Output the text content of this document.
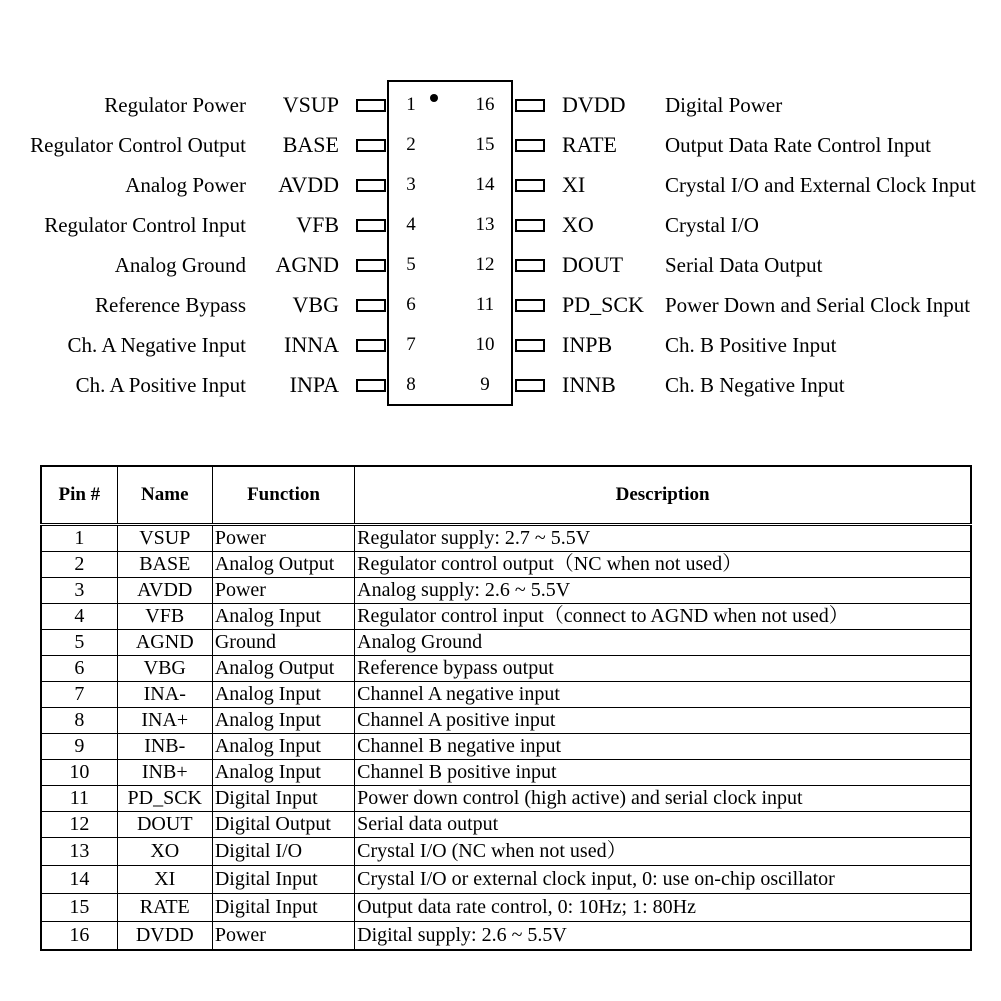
Regulator Power VSUP	1	16	DVDD Digital Power
Regulator Control Output BASE	2	15	RATE Output Data Rate Control Input
Analog Power AVDD	3	14	XI	Crystal I/O and External Clock Input
Regulator Control Input VFB	4	13	XO	Crystal I/O
Analog Ground AGND	5	12	DOUT Serial Data Output
Reference Bypass VBG	6	11	PD_SCK Power Down and Serial Clock Input
Ch. A Negative Input INNA	7	10	INPB	Ch. B Positive Input
Ch. A Positive Input INPA	8	9	INNB Ch. B Negative Input
Pin #	Name	Function	Description
1	VSUP	Power	Regulator supply: 2.7 ~ 5.5V
2	BASE	Analog Output	Regulator control output（NC when not used）
3	AVDD	Power	Analog supply: 2.6 ~ 5.5V
4	VFB	Analog Input	Regulator control input（connect to AGND when not used）
5	AGND	Ground	Analog Ground
6	VBG	Analog Output	Reference bypass output
7	INA-	Analog Input	Channel A negative input
8	INA+	Analog Input	Channel A positive input
9	INB-	Analog Input	Channel B negative input
10	INB+	Analog Input	Channel B positive input
11	PD_SCK	Digital Input	Power down control (high active) and serial clock input
12	DOUT	Digital Output	Serial data output
13	XO	Digital I/O	Crystal I/O (NC when not used）
14	XI	Digital Input	Crystal I/O or external clock input, 0: use on-chip oscillator
15	RATE	Digital Input	Output data rate control, 0: 10Hz; 1: 80Hz
16	DVDD	Power	Digital supply: 2.6 ~ 5.5V
